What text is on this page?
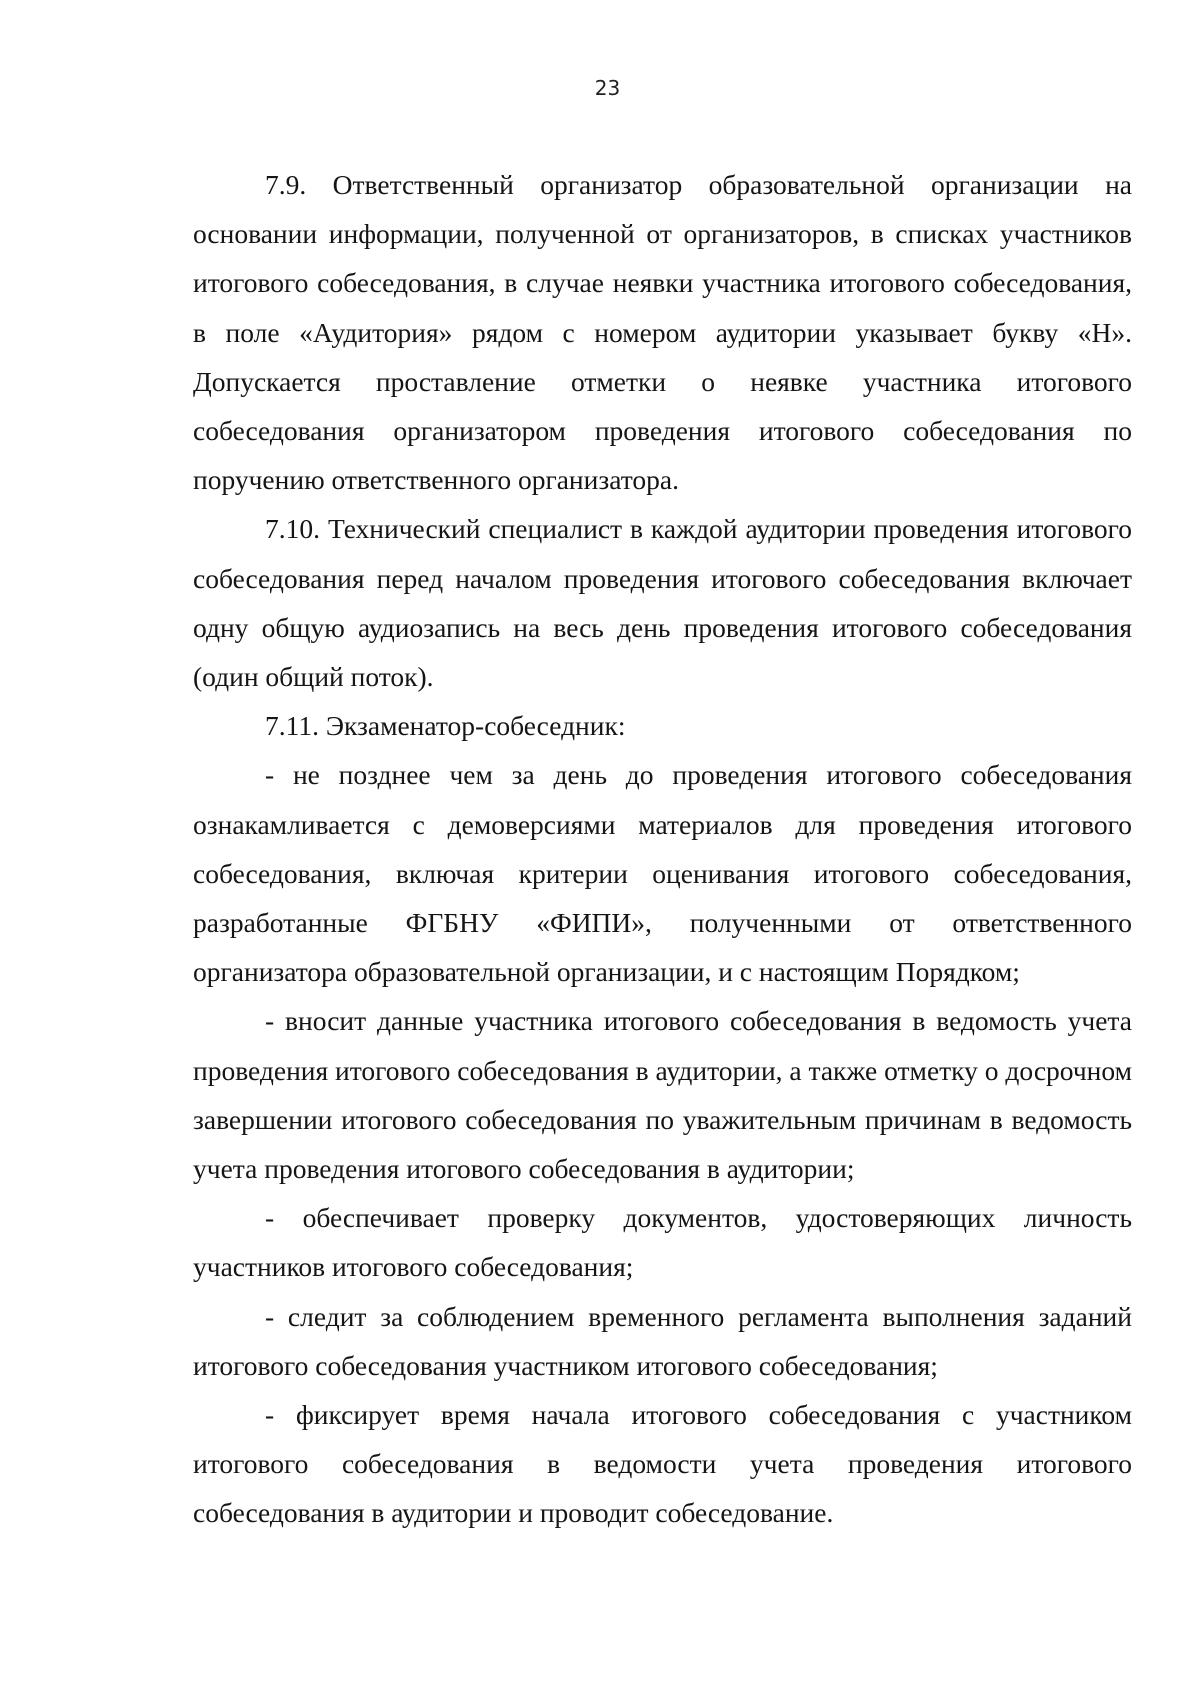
23

7.9. Ответственный организатор образовательной организации на основании информации, полученной от организаторов, в списках участников итогового собеседования, в случае неявки участника итогового собеседования, в поле «Аудитория» рядом с номером аудитории указывает букву «Н». Допускается проставление отметки о неявке участника итогового собеседования организатором проведения итогового собеседования по поручению ответственного организатора.

7.10. Технический специалист в каждой аудитории проведения итогового собеседования перед началом проведения итогового собеседования включает одну общую аудиозапись на весь день проведения итогового собеседования (один общий поток).

7.11. Экзаменатор-собеседник:

- не позднее чем за день до проведения итогового собеседования ознакамливается с демоверсиями материалов для проведения итогового собеседования, включая критерии оценивания итогового собеседования, разработанные ФГБНУ «ФИПИ», полученными от ответственного организатора образовательной организации, и с настоящим Порядком;

- вносит данные участника итогового собеседования в ведомость учета проведения итогового собеседования в аудитории, а также отметку о досрочном завершении итогового собеседования по уважительным причинам в ведомость учета проведения итогового собеседования в аудитории;

- обеспечивает проверку документов, удостоверяющих личность участников итогового собеседования;

- следит за соблюдением временного регламента выполнения заданий итогового собеседования участником итогового собеседования;

- фиксирует время начала итогового собеседования с участником итогового собеседования в ведомости учета проведения итогового собеседования в аудитории и проводит собеседование.
